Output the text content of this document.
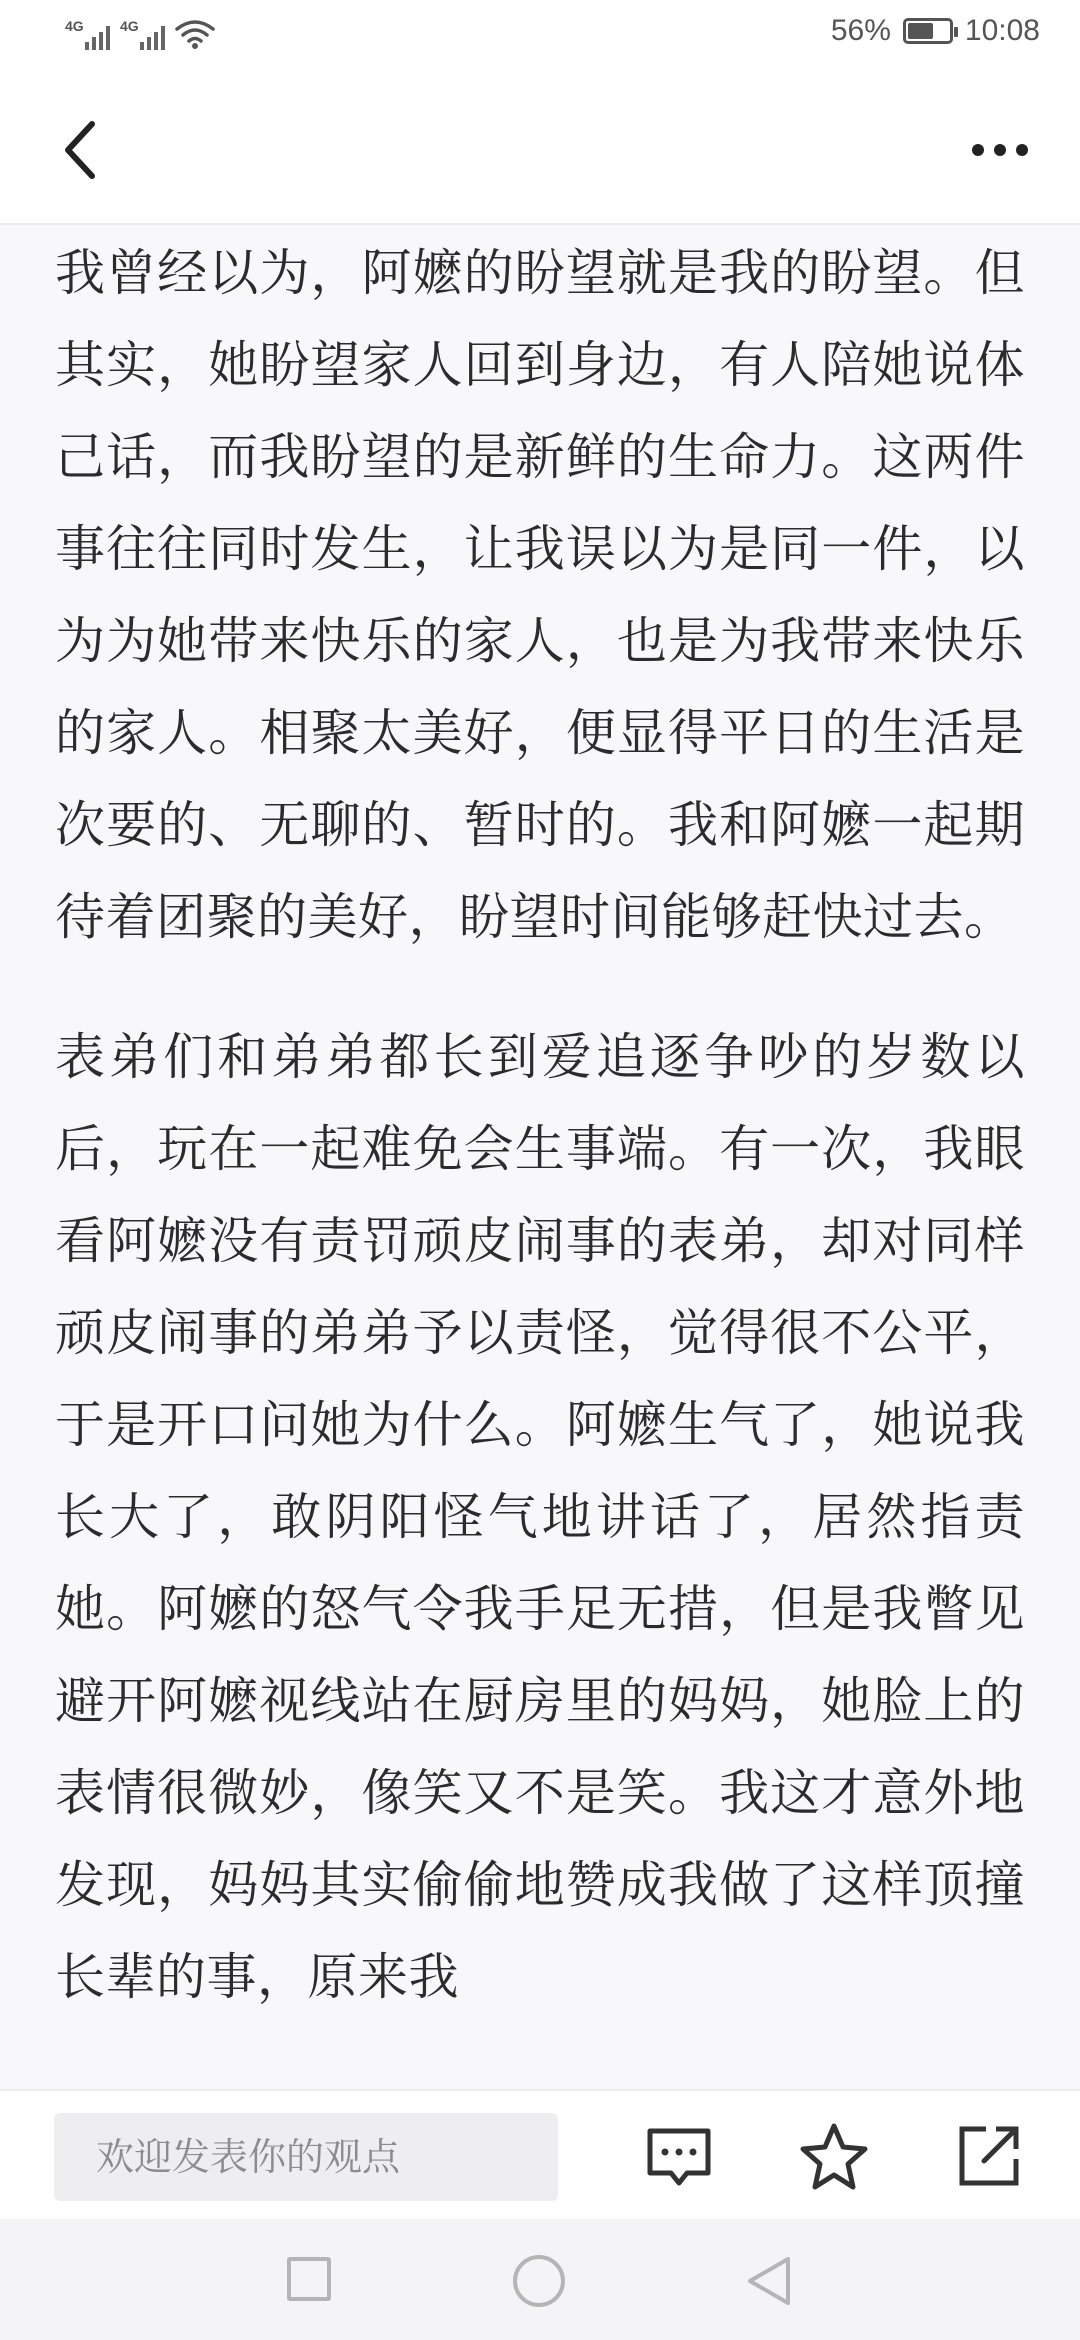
4G	4G	56% 10:08

我曾经以为，阿嬷的盼望就是我的盼望。但其实，她盼望家人回到身边，有人陪她说体己话，而我盼望的是新鲜的生命力。这两件事往往同时发生，让我误以为是同一件，以为为她带来快乐的家人，也是为我带来快乐的家人。相聚太美好，便显得平日的生活是次要的、无聊的、暂时的。我和阿嬷一起期待着团聚的美好，盼望时间能够赶快过去。

表弟们和弟弟都长到爱追逐争吵的岁数以后，玩在一起难免会生事端。有一次，我眼看阿嬷没有责罚顽皮闹事的表弟，却对同样顽皮闹事的弟弟予以责怪，觉得很不公平，于是开口问她为什么。阿嬷生气了，她说我长大了，敢阴阳怪气地讲话了，居然指责她。阿嬷的怒气令我手足无措，但是我瞥见避开阿嬷视线站在厨房里的妈妈，她脸上的表情很微妙，像笑又不是笑。我这才意外地发现，妈妈其实偷偷地赞成我做了这样顶撞长辈的事，原来我

欢迎发表你的观点
